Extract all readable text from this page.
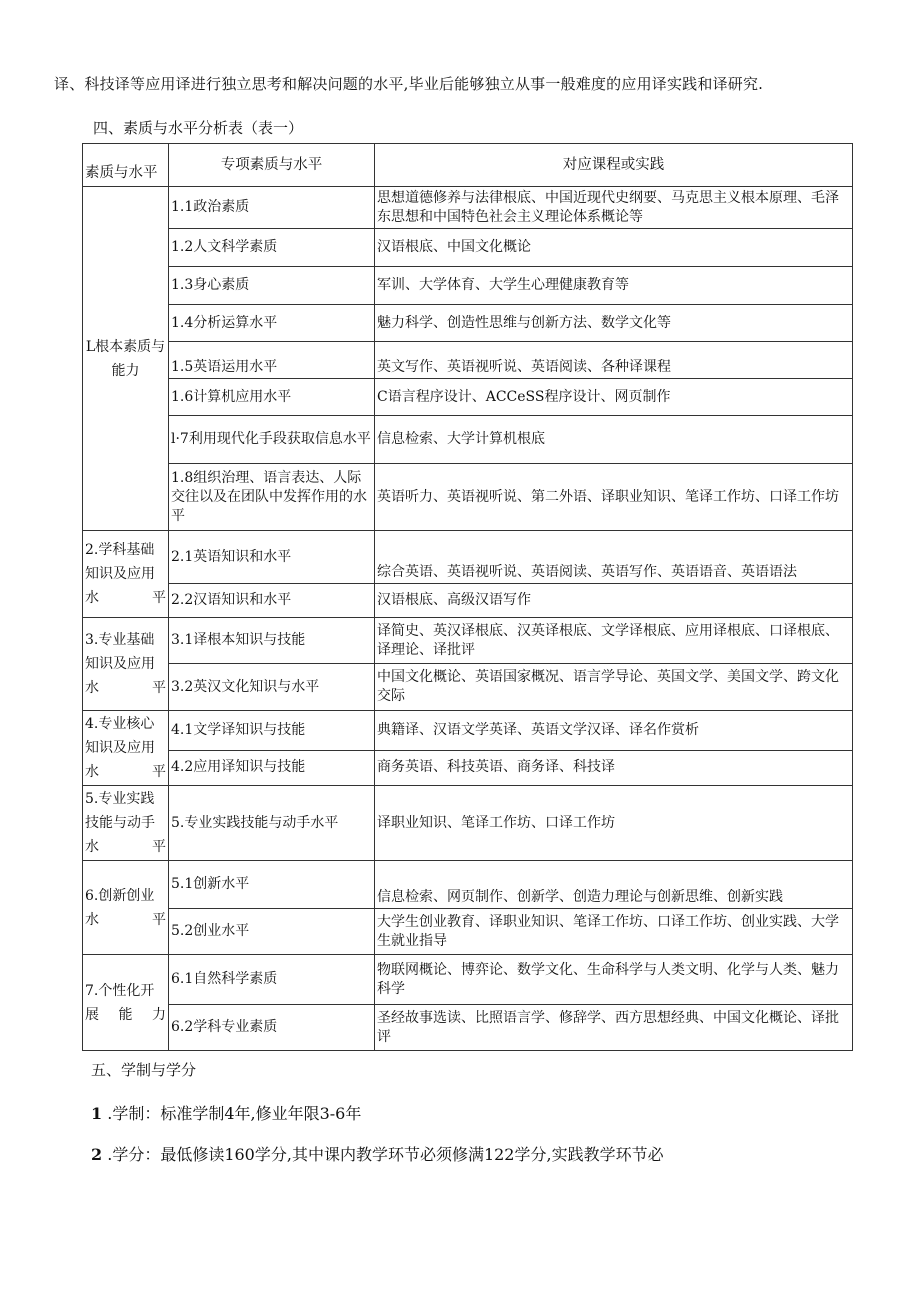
译、科技译等应用译进行独立思考和解决问题的水平,毕业后能够独立从事一般难度的应用译实践和译研究.
四、素质与水平分析表（表一）
素质与水平	专项素质与水平	对应课程或实践
L根本素质与能力	1.1政治素质	思想道德修养与法律根底、中国近现代史纲要、马克思主义根本原理、毛泽东思想和中国特色社会主义理论体系概论等
	1.2人文科学素质	汉语根底、中国文化概论
	1.3身心素质	军训、大学体育、大学生心理健康教育等
	1.4分析运算水平	魅力科学、创造性思维与创新方法、数学文化等
	1.5英语运用水平	英文写作、英语视听说、英语阅读、各种译课程
	1.6计算机应用水平	C语言程序设计、ACCeSS程序设计、网页制作
	l·7利用现代化手段获取信息水平	信息检索、大学计算机根底
	1.8组织治理、语言表达、人际交往以及在团队中发挥作用的水平	英语听力、英语视听说、第二外语、译职业知识、笔译工作坊、口译工作坊
2.学科基础知识及应用水平	2.1英语知识和水平	综合英语、英语视听说、英语阅读、英语写作、英语语音、英语语法
	2.2汉语知识和水平	汉语根底、高级汉语写作
3.专业基础知识及应用水平	3.1译根本知识与技能	译简史、英汉译根底、汉英译根底、文学译根底、应用译根底、口译根底、译理论、译批评
	3.2英汉文化知识与水平	中国文化概论、英语国家概况、语言学导论、英国文学、美国文学、跨文化交际
4.专业核心知识及应用水平	4.1文学译知识与技能	典籍译、汉语文学英译、英语文学汉译、译名作赏析
	4.2应用译知识与技能	商务英语、科技英语、商务译、科技译
5.专业实践技能与动手水平	5.专业实践技能与动手水平	译职业知识、笔译工作坊、口译工作坊
6.创新创业水平	5.1创新水平	信息检索、网页制作、创新学、创造力理论与创新思维、创新实践
	5.2创业水平	大学生创业教育、译职业知识、笔译工作坊、口译工作坊、创业实践、大学生就业指导
7.个性化开展能力	6.1自然科学素质	物联网概论、博弈论、数学文化、生命科学与人类文明、化学与人类、魅力科学
	6.2学科专业素质	圣经故事选读、比照语言学、修辞学、西方思想经典、中国文化概论、译批评
五、学制与学分
1 .学制：标准学制4年,修业年限3-6年
2 .学分：最低修读160学分,其中课内教学环节必须修满122学分,实践教学环节必
